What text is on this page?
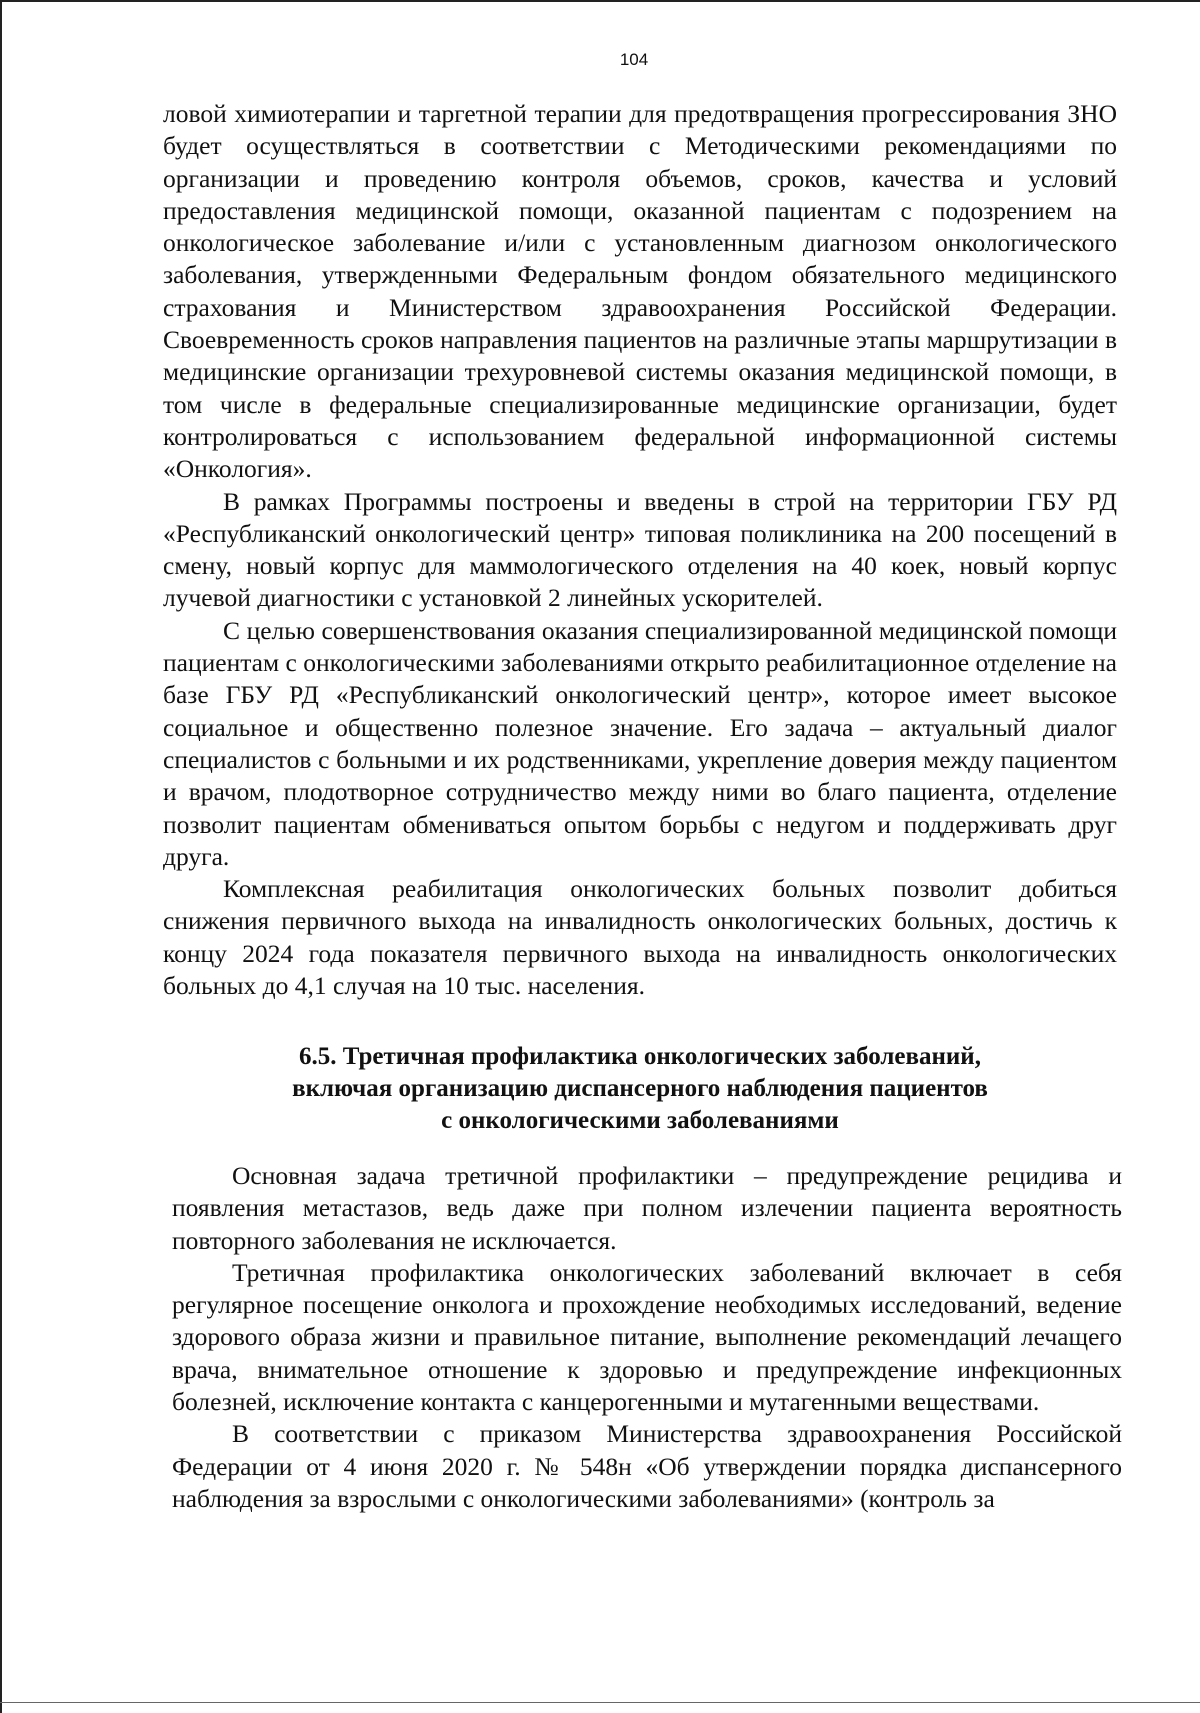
104

ловой химиотерапии и таргетной терапии для предотвращения прогрессирования ЗНО будет осуществляться в соответствии с Методическими рекомендациями по организации и проведению контроля объемов, сроков, качества и условий предоставления медицинской помощи, оказанной пациентам с подозрением на онкологическое заболевание и/или с установленным диагнозом онкологического заболевания, утвержденными Федеральным фондом обязательного медицинского страхования и Министерством здравоохранения Российской Федерации. Своевременность сроков направления пациентов на различные этапы маршрутизации в медицинские организации трехуровневой системы оказания медицинской помощи, в том числе в федеральные специализированные медицинские организации, будет контролироваться с использованием федеральной информационной системы «Онкология».

В рамках Программы построены и введены в строй на территории ГБУ РД «Республиканский онкологический центр» типовая поликлиника на 200 посещений в смену, новый корпус для маммологического отделения на 40 коек, новый корпус лучевой диагностики с установкой 2 линейных ускорителей.

С целью совершенствования оказания специализированной медицинской помощи пациентам с онкологическими заболеваниями открыто реабилитационное отделение на базе ГБУ РД «Республиканский онкологический центр», которое имеет высокое социальное и общественно полезное значение. Его задача – актуальный диалог специалистов с больными и их родственниками, укрепление доверия между пациентом и врачом, плодотворное сотрудничество между ними во благо пациента, отделение позволит пациентам обмениваться опытом борьбы с недугом и поддерживать друг друга.

Комплексная реабилитация онкологических больных позволит добиться снижения первичного выхода на инвалидность онкологических больных, достичь к концу 2024 года показателя первичного выхода на инвалидность онкологических больных до 4,1 случая на 10 тыс. населения.

6.5. Третичная профилактика онкологических заболеваний,
включая организацию диспансерного наблюдения пациентов
с онкологическими заболеваниями

Основная задача третичной профилактики – предупреждение рецидива и появления метастазов, ведь даже при полном излечении пациента вероятность повторного заболевания не исключается.

Третичная профилактика онкологических заболеваний включает в себя регулярное посещение онколога и прохождение необходимых исследований, ведение здорового образа жизни и правильное питание, выполнение рекомендаций лечащего врача, внимательное отношение к здоровью и предупреждение инфекционных болезней, исключение контакта с канцерогенными и мутагенными веществами.

В соответствии с приказом Министерства здравоохранения Российской Федерации от 4 июня 2020 г. № 548н «Об утверждении порядка диспансерного наблюдения за взрослыми с онкологическими заболеваниями» (контроль за
